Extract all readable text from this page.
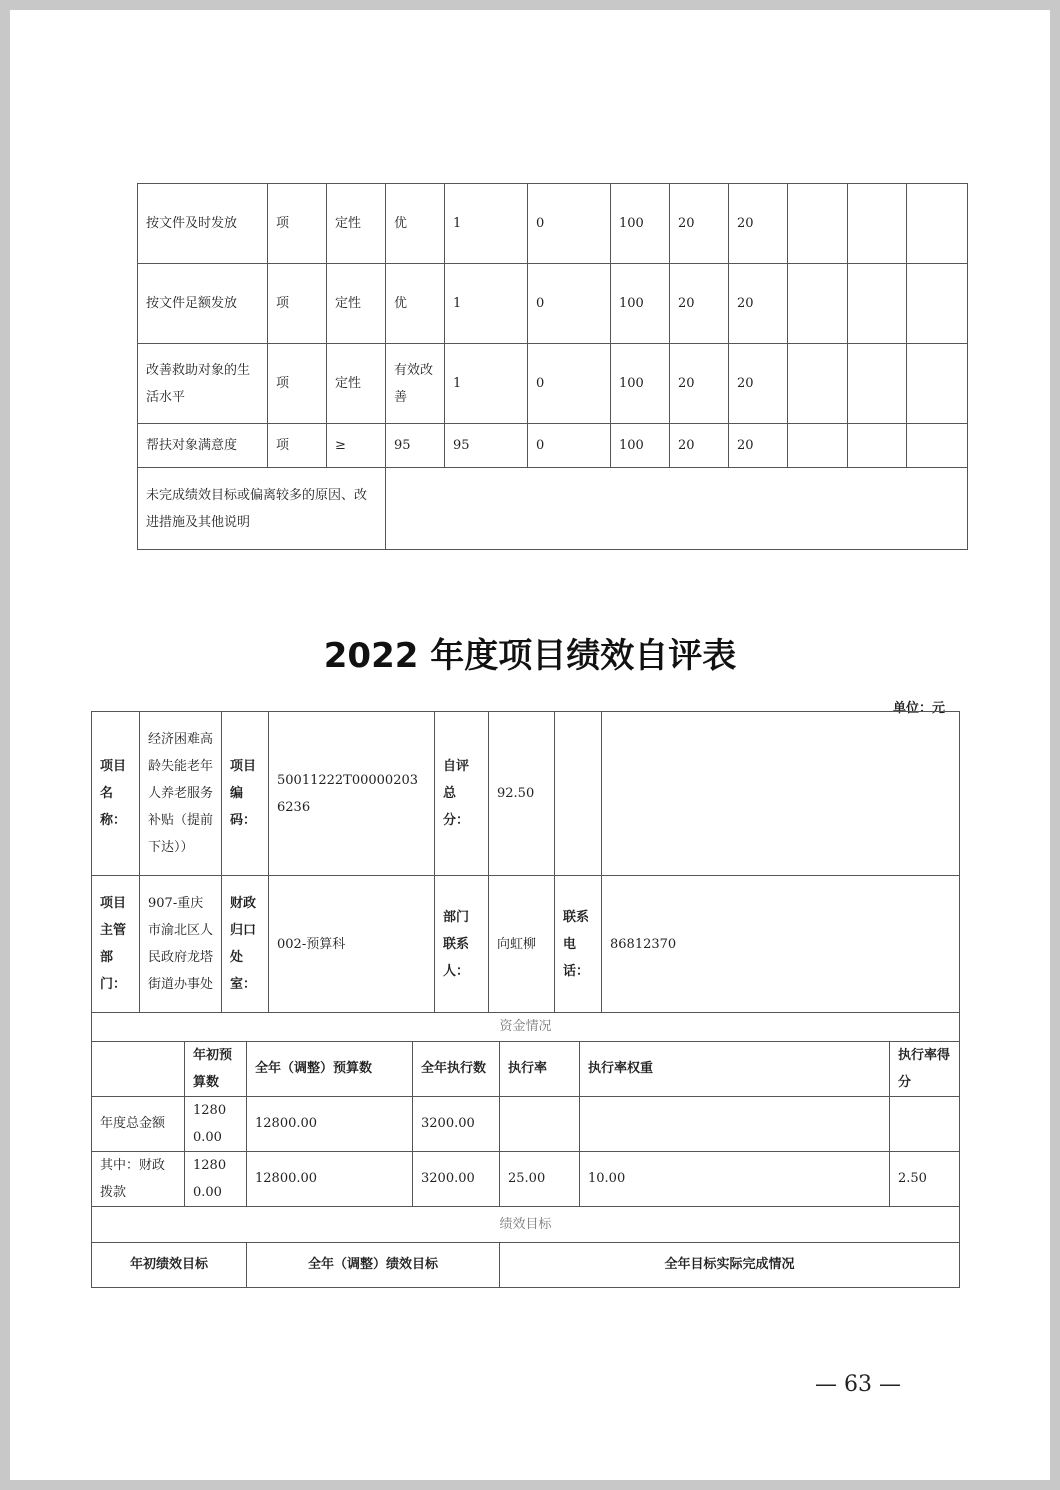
按文件及时发放	项	定性	优	1	0	100	20	20			
按文件足额发放	项	定性	优	1	0	100	20	20			
改善救助对象的生活水平	项	定性	有效改善	1	0	100	20	20			
帮扶对象满意度	项	≥	95	95	0	100	20	20			
未完成绩效目标或偏离较多的原因、改进措施及其他说明											
2022 年度项目绩效自评表
单位：元
项目名称：	经济困难高龄失能老年人养老服务补贴（提前下达））	项目编码：	50011222T000002036236	自评总分：	92.50		
项目主管部门：	907-重庆市渝北区人民政府龙塔街道办事处	财政归口处室：	002-预算科	部门联系人：	向虹柳	联系电话：	86812370
资金情况						
	年初预算数	全年（调整）预算数	全年执行数	执行率	执行率权重	执行率得分
年度总金额	12800.00	12800.00	3200.00			
其中：财政拨款	12800.00	12800.00	3200.00	25.00	10.00	2.50
绩效目标						
年初绩效目标		全年（调整）绩效目标		全年目标实际完成情况		
— 63 —
